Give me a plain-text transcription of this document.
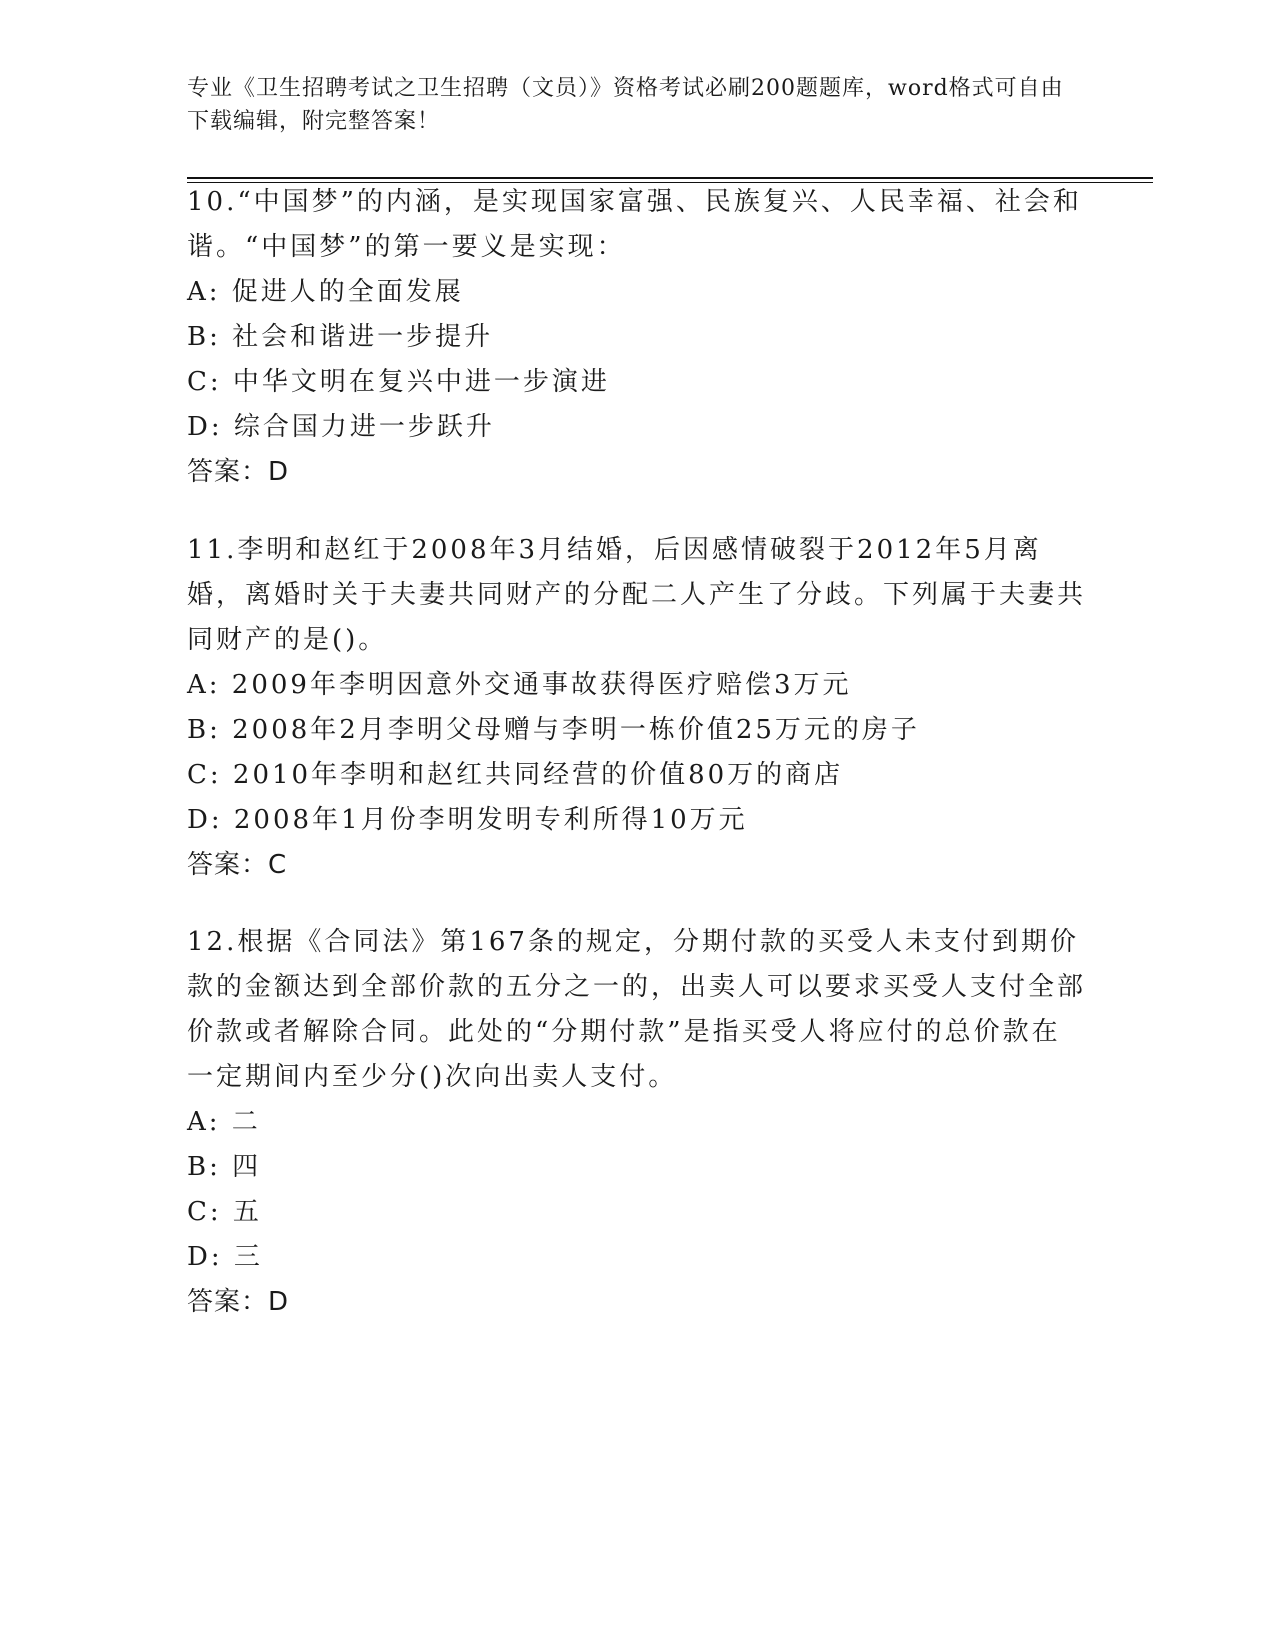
专业《卫生招聘考试之卫生招聘（文员）》资格考试必刷200题题库，word格式可自由下载编辑，附完整答案！

10.“中国梦”的内涵，是实现国家富强、民族复兴、人民幸福、社会和谐。“中国梦”的第一要义是实现：

A: 促进人的全面发展

B: 社会和谐进一步提升

C: 中华文明在复兴中进一步演进

D: 综合国力进一步跃升

答案：D

11.李明和赵红于2008年3月结婚，后因感情破裂于2012年5月离婚，离婚时关于夫妻共同财产的分配二人产生了分歧。下列属于夫妻共同财产的是()。

A: 2009年李明因意外交通事故获得医疗赔偿3万元

B: 2008年2月李明父母赠与李明一栋价值25万元的房子

C: 2010年李明和赵红共同经营的价值80万的商店

D: 2008年1月份李明发明专利所得10万元

答案：C

12.根据《合同法》第167条的规定，分期付款的买受人未支付到期价款的金额达到全部价款的五分之一的，出卖人可以要求买受人支付全部价款或者解除合同。此处的“分期付款”是指买受人将应付的总价款在一定期间内至少分()次向出卖人支付。

A: 二

B: 四

C: 五

D: 三

答案：D
